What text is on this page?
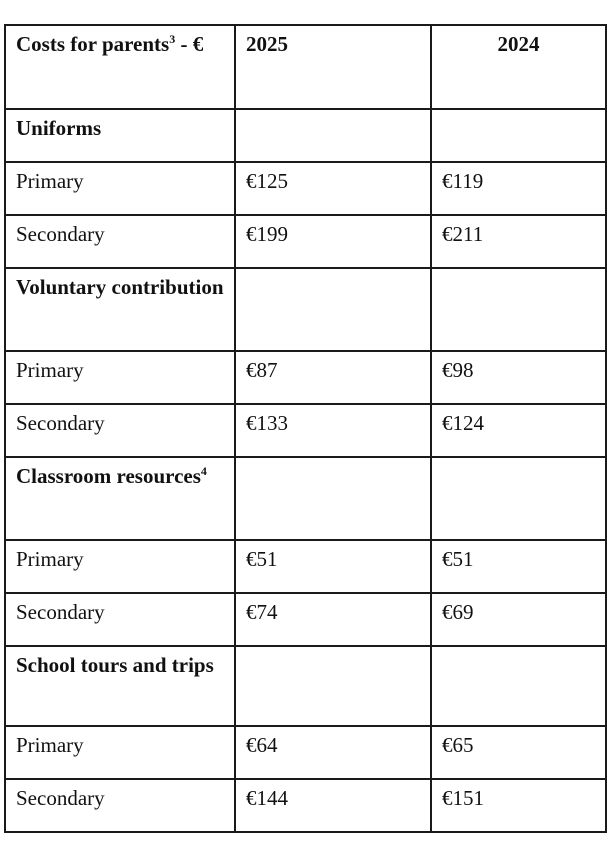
Costs for parents$^3$ - €	2025	2024
Uniforms		
Primary	€125	€119
Secondary	€199	€211
Voluntary contribution		
Primary	€87	€98
Secondary	€133	€124
Classroom resources$^4$		
Primary	€51	€51
Secondary	€74	€69
School tours and trips		
Primary	€64	€65
Secondary	€144	€151
